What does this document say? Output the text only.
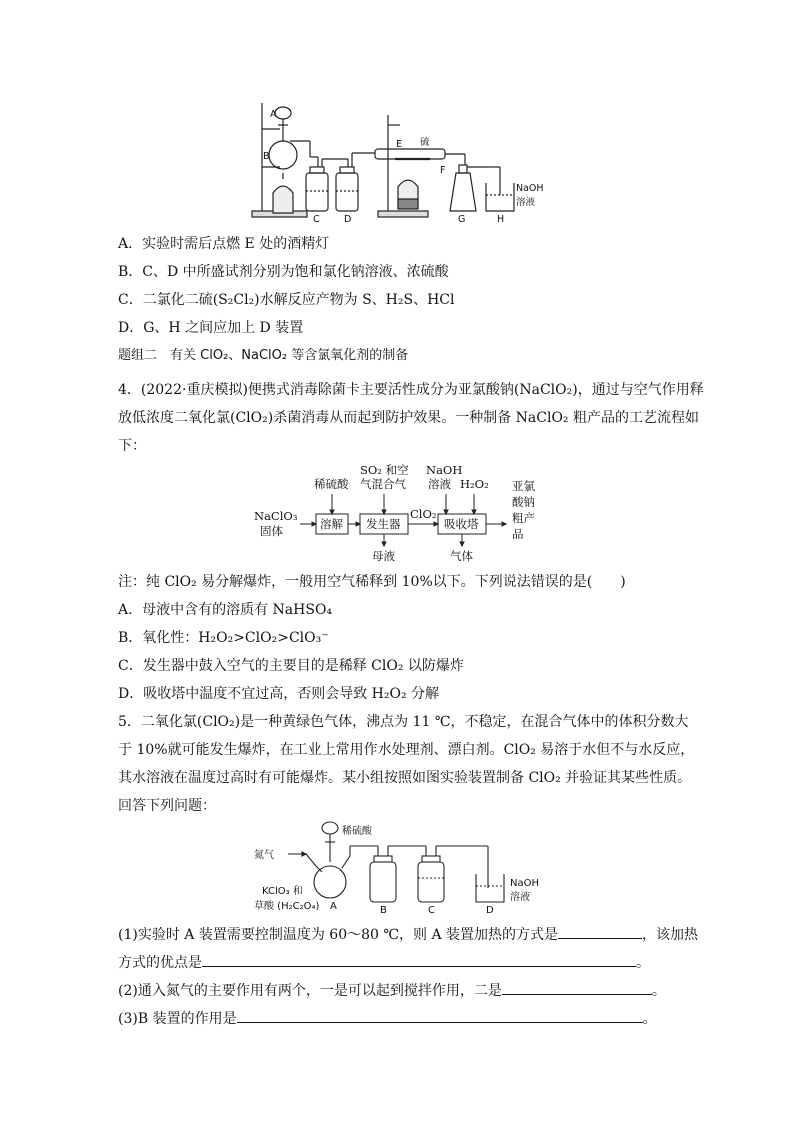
A
B
C	D
E 硫
F
G	H
NaOH
溶液
A．实验时需后点燃 E 处的酒精灯
B．C、D 中所盛试剂分别为饱和氯化钠溶液、浓硫酸
C．二氯化二硫(S₂Cl₂)水解反应产物为 S、H₂S、HCl
D．G、H 之间应加上 D 装置
题组二　有关 ClO₂、NaClO₂ 等含氯氧化剂的制备
4．(2022·重庆模拟)便携式消毒除菌卡主要活性成分为亚氯酸钠(NaClO₂)，通过与空气作用释
放低浓度二氧化氯(ClO₂)杀菌消毒从而起到防护效果。一种制备 NaClO₂ 粗产品的工艺流程如
下：
NaClO₃
固体	溶解 发生器	吸收塔
稀硫酸
SO₂ 和空
气混合气
NaOH
溶液 H₂O₂
ClO₂
母液	气体
亚氯
酸钠
粗产
品
注：纯 ClO₂ 易分解爆炸，一般用空气稀释到 10%以下。下列说法错误的是(　　)
A．母液中含有的溶质有 NaHSO₄
B．氧化性：H₂O₂>ClO₂>ClO₃⁻
C．发生器中鼓入空气的主要目的是稀释 ClO₂ 以防爆炸
D．吸收塔中温度不宜过高，否则会导致 H₂O₂ 分解
5．二氧化氯(ClO₂)是一种黄绿色气体，沸点为 11 ℃，不稳定，在混合气体中的体积分数大
于 10%就可能发生爆炸，在工业上常用作水处理剂、漂白剂。ClO₂ 易溶于水但不与水反应，
其水溶液在温度过高时有可能爆炸。某小组按照如图实验装置制备 ClO₂ 并验证其某些性质。
回答下列问题：
稀硫酸
氮气
KClO₃ 和
草酸 (H₂C₂O₄) A	B	C	D
NaOH
溶液
(1)实验时 A 装置需要控制温度为 60～80 ℃，则 A 装置加热的方式是	，该加热
方式的优点是	。
(2)通入氮气的主要作用有两个，一是可以起到搅拌作用，二是	。
(3)B 装置的作用是	。
